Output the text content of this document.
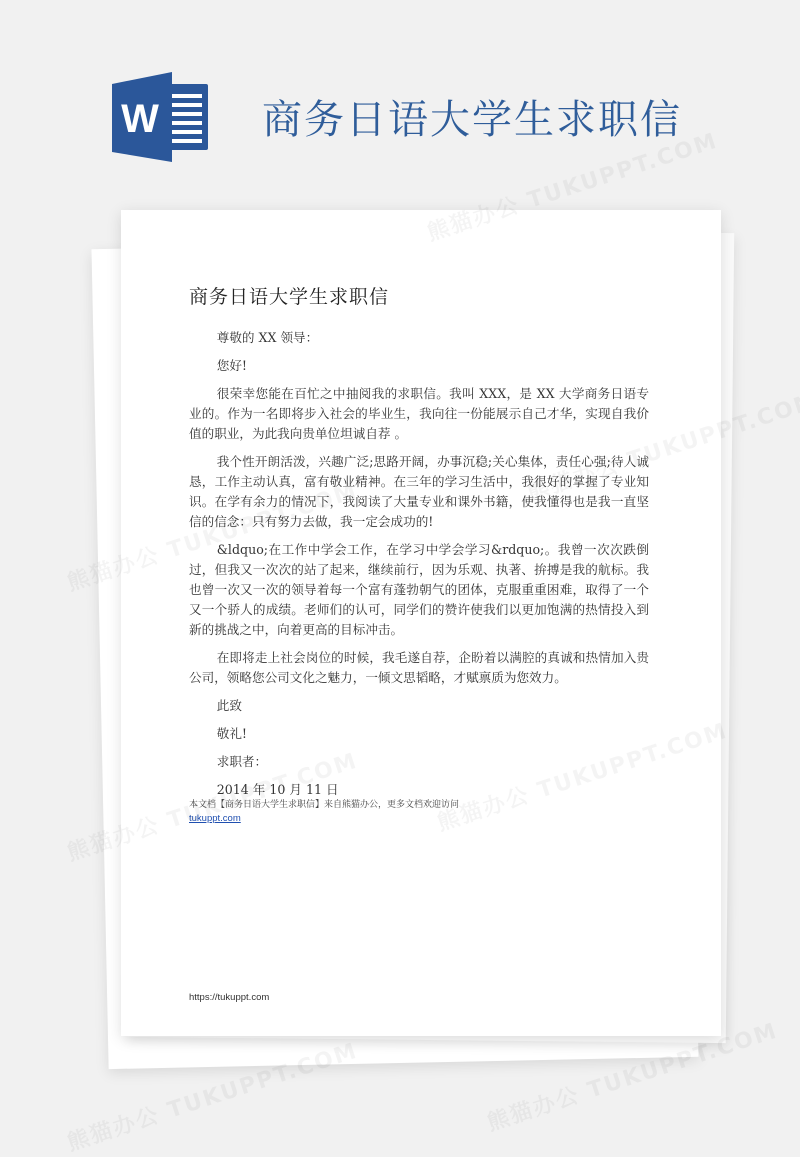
W	商务日语大学生求职信
商务日语大学生求职信

尊敬的 XX 领导：

您好!

很荣幸您能在百忙之中抽阅我的求职信。我叫 XXX，是 XX 大学商务日语专业的。作为一名即将步入社会的毕业生，我向往一份能展示自己才华，实现自我价值的职业，为此我向贵单位坦诚自荐 。

我个性开朗活泼，兴趣广泛;思路开阔，办事沉稳;关心集体，责任心强;待人诚恳，工作主动认真，富有敬业精神。在三年的学习生活中，我很好的掌握了专业知识。在学有余力的情况下，我阅读了大量专业和课外书籍，使我懂得也是我一直坚信的信念：只有努力去做，我一定会成功的!

&ldquo;在工作中学会工作，在学习中学会学习&rdquo;。我曾一次次跌倒过，但我又一次次的站了起来，继续前行，因为乐观、执著、拚搏是我的航标。我也曾一次又一次的领导着每一个富有蓬勃朝气的团体，克服重重困难，取得了一个又一个骄人的成绩。老师们的认可，同学们的赞许使我们以更加饱满的热情投入到新的挑战之中，向着更高的目标冲击。

在即将走上社会岗位的时候，我毛遂自荐，企盼着以满腔的真诚和热情加入贵公司，领略您公司文化之魅力，一倾文思韬略，才赋禀质为您效力。

此致

敬礼!

求职者：

2014 年 10 月 11 日

本文档【商务日语大学生求职信】来自熊猫办公，更多文档欢迎访问
tukuppt.com
https://tukuppt.com
